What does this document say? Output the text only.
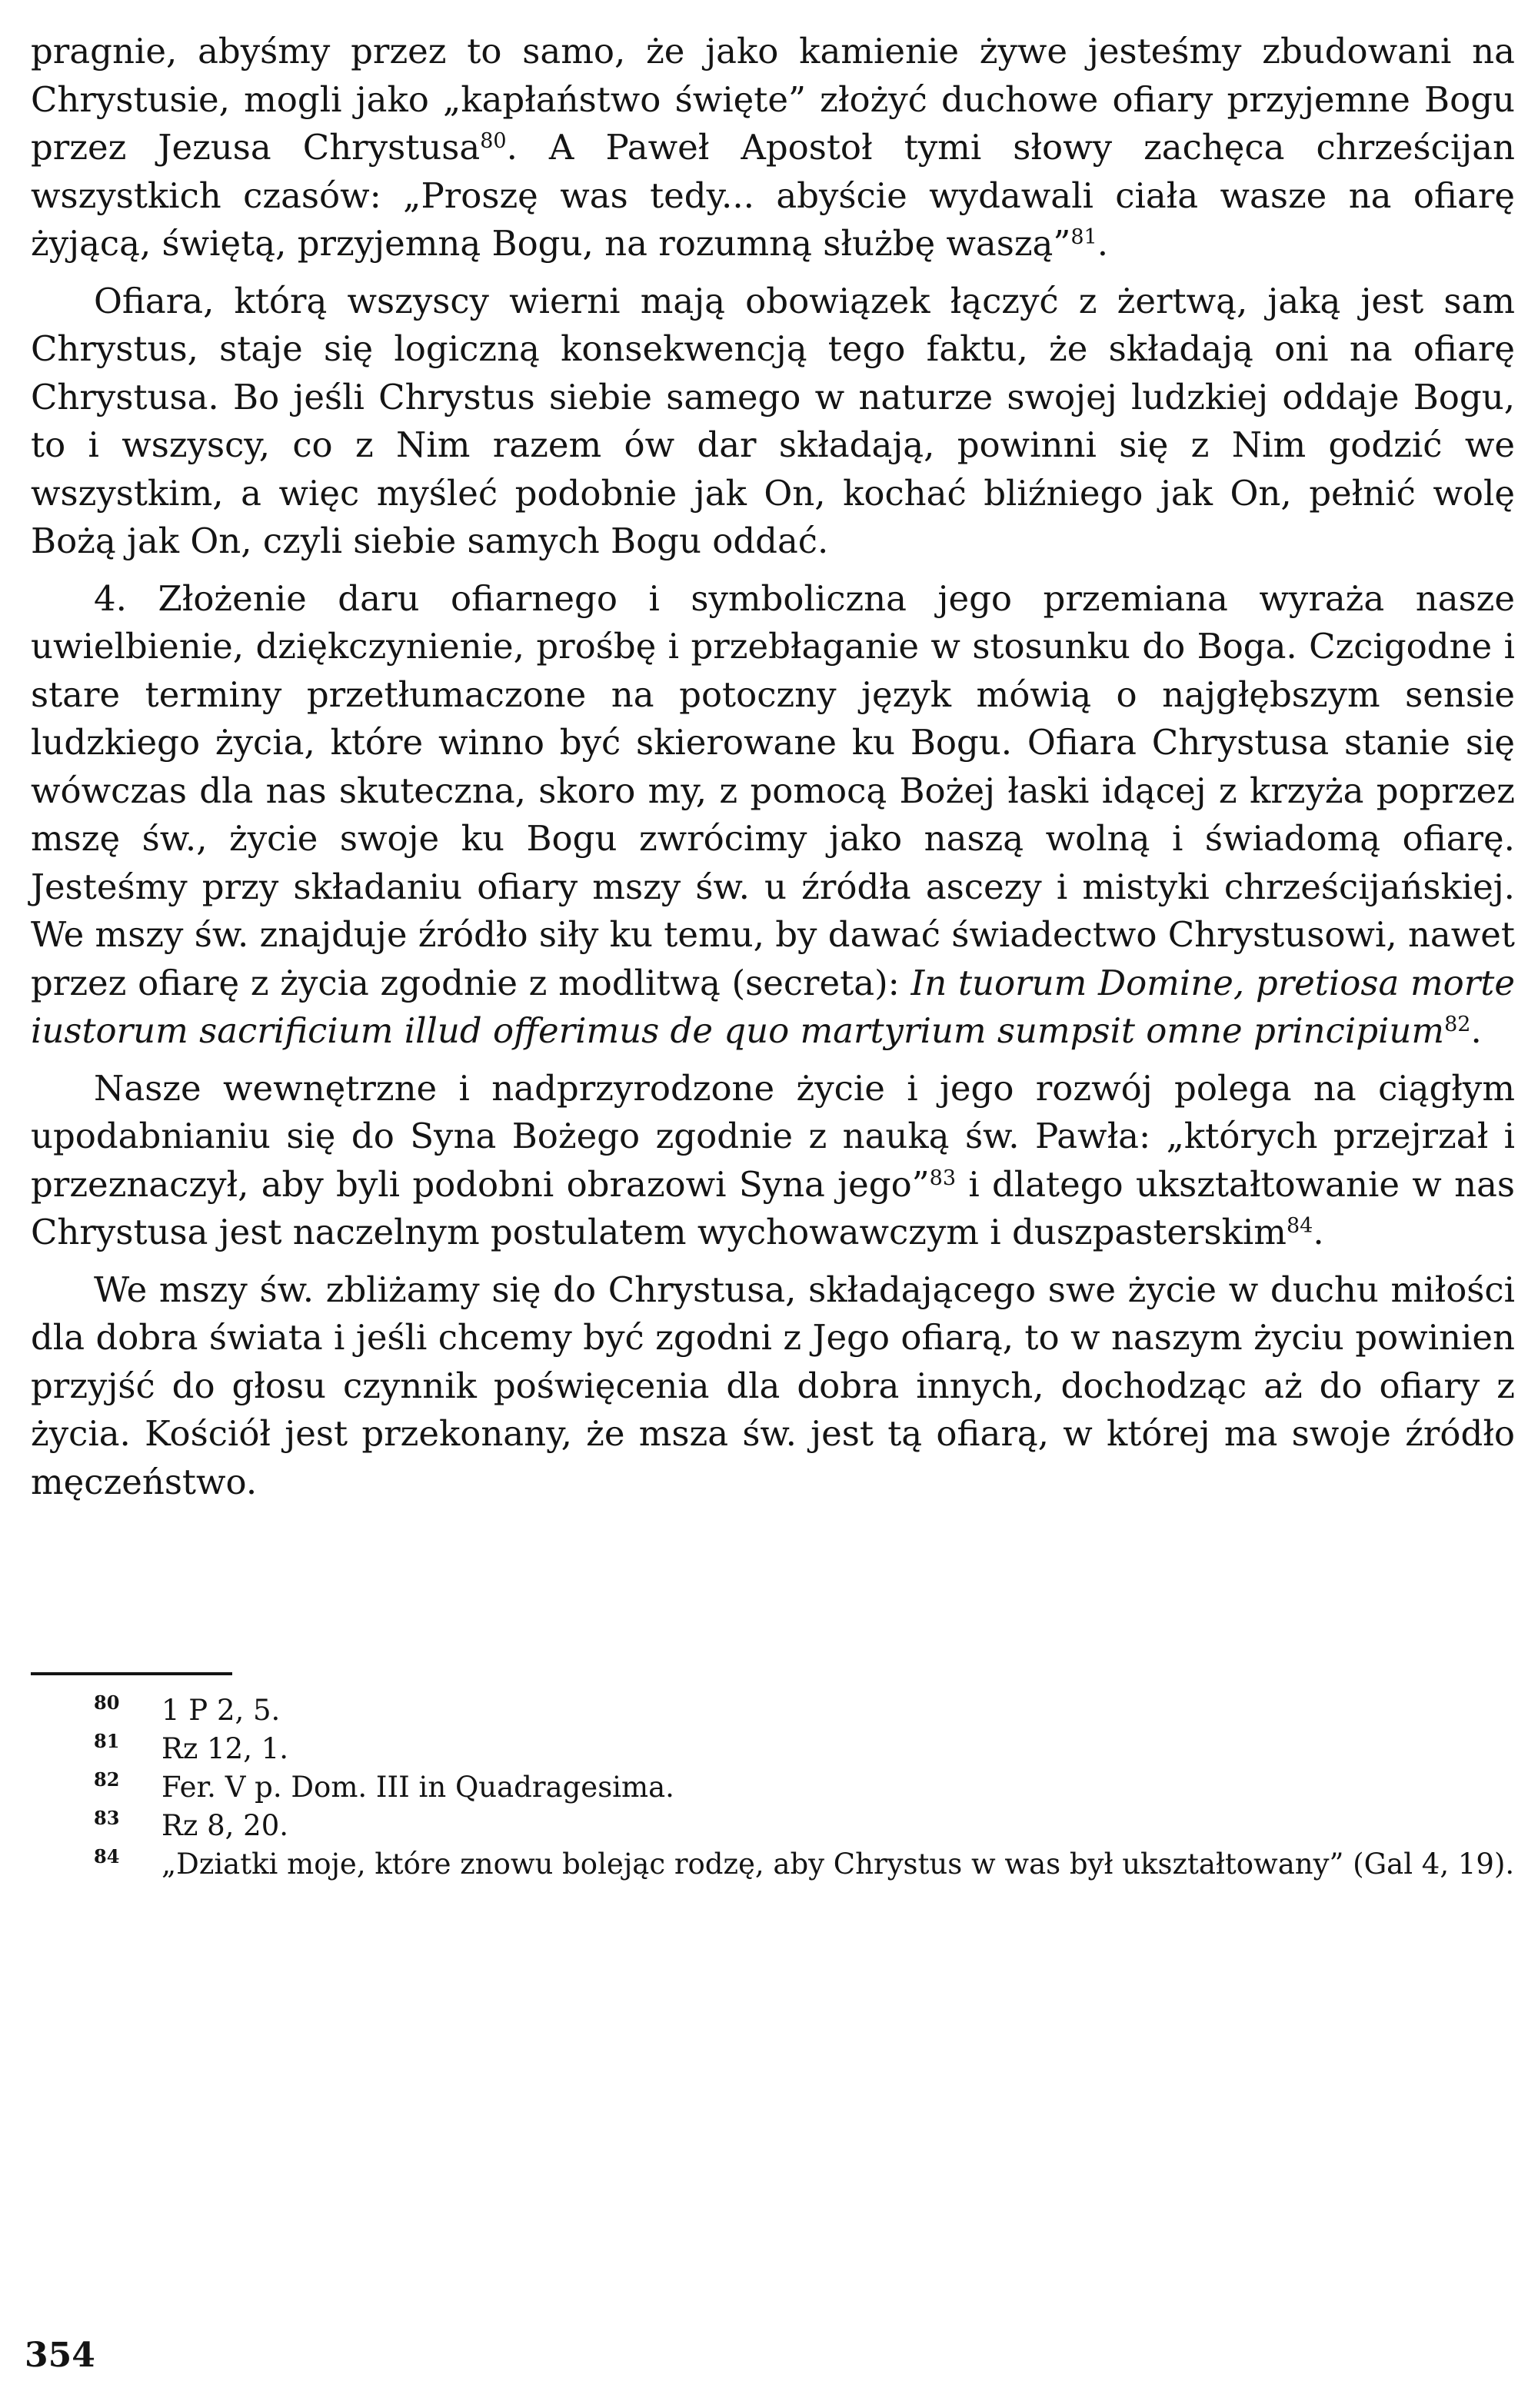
pragnie, abyśmy przez to samo, że jako kamienie żywe jesteśmy zbudowani na Chrystusie, mogli jako „kapłaństwo święte” złożyć duchowe ofiary przyjemne Bogu przez Jezusa Chrystusa$^{80}$. A Paweł Apostoł tymi słowy zachęca chrześcijan wszystkich czasów: „Proszę was tedy... abyście wydawali ciała wasze na ofiarę żyjącą, świętą, przyjemną Bogu, na rozumną służbę waszą”$^{81}$.

Ofiara, którą wszyscy wierni mają obowiązek łączyć z żertwą, jaką jest sam Chrystus, staje się logiczną konsekwencją tego faktu, że składają oni na ofiarę Chrystusa. Bo jeśli Chrystus siebie samego w naturze swojej ludzkiej oddaje Bogu, to i wszyscy, co z Nim razem ów dar składają, powinni się z Nim godzić we wszystkim, a więc myśleć podobnie jak On, kochać bliźniego jak On, pełnić wolę Bożą jak On, czyli siebie samych Bogu oddać.

4. Złożenie daru ofiarnego i symboliczna jego przemiana wyraża nasze uwielbienie, dziękczynienie, prośbę i przebłaganie w stosunku do Boga. Czcigodne i stare terminy przetłumaczone na potoczny język mówią o najgłębszym sensie ludzkiego życia, które winno być skierowane ku Bogu. Ofiara Chrystusa stanie się wówczas dla nas skuteczna, skoro my, z pomocą Bożej łaski idącej z krzyża poprzez mszę św., życie swoje ku Bogu zwrócimy jako naszą wolną i świadomą ofiarę. Jesteśmy przy składaniu ofiary mszy św. u źródła ascezy i mistyki chrześcijańskiej. We mszy św. znajduje źródło siły ku temu, by dawać świadectwo Chrystusowi, nawet przez ofiarę z życia zgodnie z modlitwą (secreta): In tuorum Domine, pretiosa morte iustorum sacrificium illud offerimus de quo martyrium sumpsit omne principium$^{82}$.

Nasze wewnętrzne i nadprzyrodzone życie i jego rozwój polega na ciągłym upodabnianiu się do Syna Bożego zgodnie z nauką św. Pawła: „których przejrzał i przeznaczył, aby byli podobni obrazowi Syna jego”$^{83}$ i dlatego ukształtowanie w nas Chrystusa jest naczelnym postulatem wychowawczym i duszpasterskim$^{84}$.

We mszy św. zbliżamy się do Chrystusa, składającego swe życie w duchu miłości dla dobra świata i jeśli chcemy być zgodni z Jego ofiarą, to w naszym życiu powinien przyjść do głosu czynnik poświęcenia dla dobra innych, dochodząc aż do ofiary z życia. Kościół jest przekonany, że msza św. jest tą ofiarą, w której ma swoje źródło męczeństwo.

80 1 P 2, 5.
81 Rz 12, 1.
82 Fer. V p. Dom. III in Quadragesima.
83 Rz 8, 20.
84 „Dziatki moje, które znowu bolejąc rodzę, aby Chrystus w was był ukształtowany” (Gal 4, 19).
354
